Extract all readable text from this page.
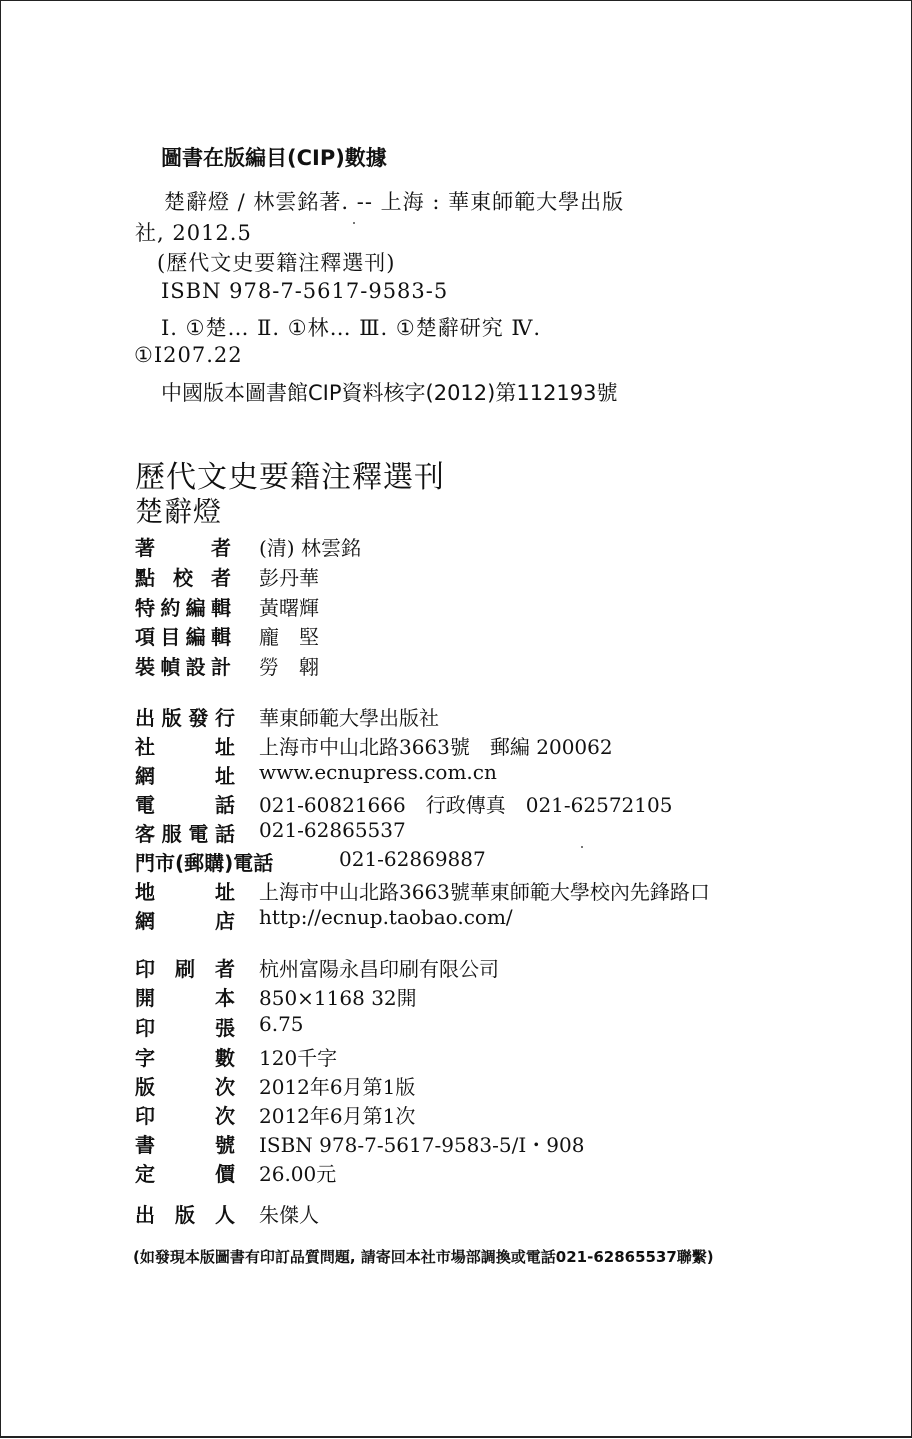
圖書在版編目(CIP)數據
楚辭燈 / 林雲銘著. -- 上海 : 華東師範大學出版
社, 2012.5
(歷代文史要籍注釋選刊)
ISBN 978-7-5617-9583-5
Ⅰ. ①楚… Ⅱ. ①林… Ⅲ. ①楚辭研究 Ⅳ.
①I207.22
中國版本圖書館CIP資料核字(2012)第112193號
歷代文史要籍注釋選刊
楚辭燈
著　者 (清) 林雲銘
點 校 者 彭丹華
特約編輯 黃曙輝
項目編輯 龐　堅
裝幀設計 勞　翺
出版發行 華東師範大學出版社
社　址 上海市中山北路3663號　郵編 200062
網　址 www.ecnupress.com.cn
電　話 021-60821666　行政傳真　021-62572105
客服電話 021-62865537
門市(郵購)電話	021-62869887
地　址 上海市中山北路3663號華東師範大學校內先鋒路口
網　店 http://ecnup.taobao.com/
印 刷 者 杭州富陽永昌印刷有限公司
開　本 850×1168 32開
印　張 6.75
字　數 120千字
版　次 2012年6月第1版
印　次 2012年6月第1次
書　號 ISBN 978-7-5617-9583-5/I・908
定　價 26.00元
出 版 人 朱傑人
(如發現本版圖書有印訂品質問題, 請寄回本社市場部調換或電話021-62865537聯繫)
